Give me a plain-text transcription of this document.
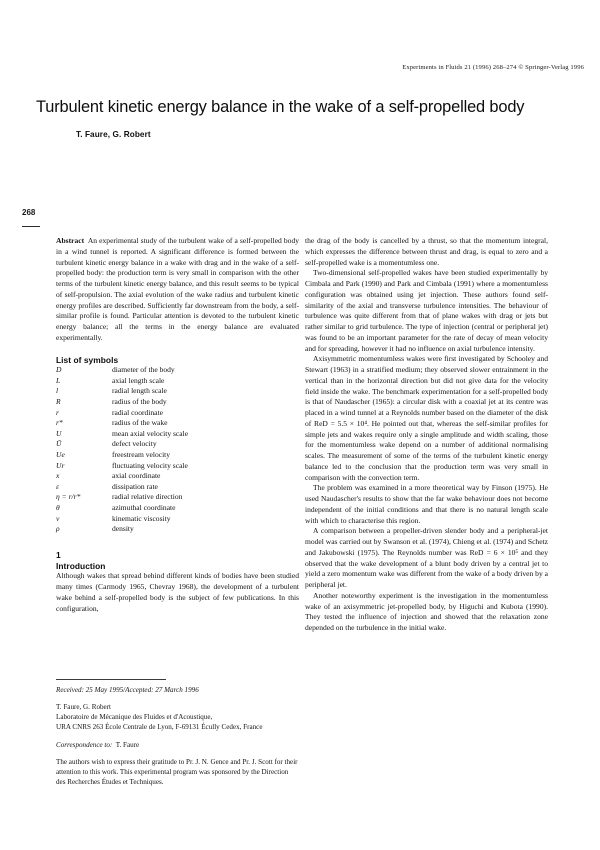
Experiments in Fluids 21 (1996) 268–274 © Springer-Verlag 1996
Turbulent kinetic energy balance in the wake of a self-propelled body
T. Faure, G. Robert
268

Abstract An experimental study of the turbulent wake of a self-propelled body in a wind tunnel is reported. A significant difference is formed between the turbulent kinetic energy balance in a wake with drag and in the wake of a self-propelled body: the production term is very small in comparison with the other terms of the turbulent kinetic energy balance, and this result seems to be typical of self-propulsion. The axial evolution of the wake radius and turbulent kinetic energy profiles are described. Sufficiently far downstream from the body, a self-similar profile is found. Particular attention is devoted to the turbulent kinetic energy balance; all the terms in the energy balance are evaluated experimentally.

List of symbols

D	diameter of the body
L	axial length scale
l	radial length scale
R	radius of the body
r	radial coordinate
r*	radius of the wake
U	mean axial velocity scale
Ū	defect velocity
Ue	freestream velocity
Ur	fluctuating velocity scale
x	axial coordinate
ε	dissipation rate
η = r/r*	radial relative direction
θ	azimuthal coordinate
ν	kinematic viscosity
ρ	density

1

Introduction

Although wakes that spread behind different kinds of bodies have been studied many times (Carmody 1965, Chevray 1968), the development of a turbulent wake behind a self-propelled body is the subject of few publications. In this configuration,

the drag of the body is cancelled by a thrust, so that the momentum integral, which expresses the difference between thrust and drag, is equal to zero and a self-propelled wake is a momentumless one.

Two-dimensional self-propelled wakes have been studied experimentally by Cimbala and Park (1990) and Park and Cimbala (1991) where a momentumless configuration was obtained using jet injection. These authors found self-similarity of the axial and transverse turbulence intensities. The behaviour of turbulence was quite different from that of plane wakes with drag or jets but rather similar to grid turbulence. The type of injection (central or peripheral jet) was found to be an important parameter for the rate of decay of mean velocity and for spreading, however it had no influence on axial turbulence intensity.

Axisymmetric momentumless wakes were first investigated by Schooley and Stewart (1963) in a stratified medium; they observed slower entrainment in the vertical than in the horizontal direction but did not give data for the velocity field inside the wake. The benchmark experimentation for a self-propelled body is that of Naudascher (1965): a circular disk with a coaxial jet at its centre was placed in a wind tunnel at a Reynolds number based on the diameter of the disk of ReD = 5.5 × 10⁴. He pointed out that, whereas the self-similar profiles for simple jets and wakes require only a single amplitude and width scaling, those for the momentumless wake depend on a number of additional normalising scales. The measurement of some of the terms of the turbulent kinetic energy balance led to the conclusion that the production term was very small in comparison with the convection term.

The problem was examined in a more theoretical way by Finson (1975). He used Naudascher's results to show that the far wake behaviour does not become independent of the initial conditions and that there is no natural length scale with which to characterise this region.

A comparison between a propeller-driven slender body and a peripheral-jet model was carried out by Swanson et al. (1974), Chieng et al. (1974) and Schetz and Jakubowski (1975). The Reynolds number was ReD = 6 × 10⁵ and they observed that the wake development of a blunt body driven by a central jet to yield a zero momentum wake was different from the wake of a body driven by a peripheral jet.

Another noteworthy experiment is the investigation in the momentumless wake of an axisymmetric jet-propelled body, by Higuchi and Kubota (1990). They tested the influence of injection and showed that the relaxation zone depended on the turbulence in the initial wake.

Received: 25 May 1995/Accepted: 27 March 1996

T. Faure, G. Robert

Laboratoire de Mécanique des Fluides et d'Acoustique,

URA CNRS 263 École Centrale de Lyon, F-69131 Écully Cedex, France

Correspondence to: T. Faure

The authors wish to express their gratitude to Pr. J. N. Gence and Pr. J. Scott for their attention to this work. This experimental program was sponsored by the Direction des Recherches Études et Techniques.
